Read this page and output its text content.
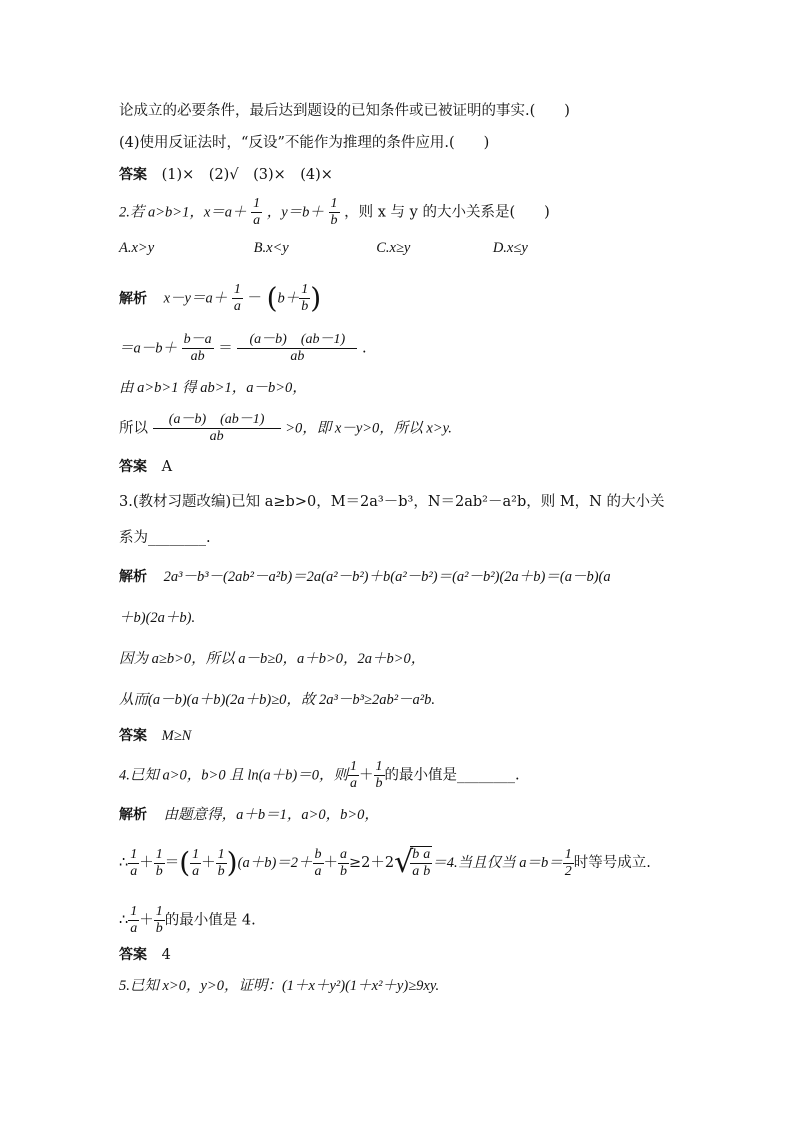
论成立的必要条件，最后达到题设的已知条件或已被证明的事实.(　　)
(4)使用反证法时，“反设”不能作为推理的条件应用.(　　)
答案 (1)×　(2)√　(3)×　(4)×
2.若 a>b>1，$x=a+ \frac{1}{a}$ ，$y=b+ \frac{1}{b}$ ，则 x 与 y 的大小关系是(　　)
A.x>y	B.x<y	C.x≥y	D.x≤y
解析 $x-y=a+ \frac{1}{a} - (b+ \frac{1}{b}$ )
$=a-b+ \frac{b-a}{ab} = \frac{(a-b) (ab-1)}{ab}$ .
由 a>b>1 得 ab>1，a－b>0，
所以 $\frac{(a-b) (ab-1)}{ab} >0$，即 x－y>0，所以 x>y.
答案 A
3.(教材习题改编)已知 a≥b>0，M＝2a³－b³，N＝2ab²－a²b，则 M，N 的大小关
系为________.
解析 2a³－b³－(2ab²－a²b)＝2a(a²－b²)＋b(a²－b²)＝(a²－b²)(2a＋b)＝(a－b)(a
＋b)(2a＋b).
因为 a≥b>0，所以 a－b≥0，a＋b>0，2a＋b>0，
从而(a－b)(a＋b)(2a＋b)≥0，故 2a³－b³≥2ab²－a²b.
答案 M≥N
4.已知 a>0，b>0 且 ln(a＋b)＝0，则 $\frac{1}{a} + \frac{1}{b}$ 的最小值是________.
解析 由题意得，a＋b＝1，a>0，b>0，
∴ $\frac{1}{a} + \frac{1}{b}$ ＝( $\frac{1}{a} + \frac{1}{b} )(a+b)=2+ \frac{b}{a} + \frac{a}{b} \ge 2+2√$
$\frac{b}{a} \frac{a}{b} =4$.当且仅当 $a=b= \frac{1}{2}$ 时等号成立.
∴ $\frac{1}{a} + \frac{1}{b}$ 的最小值是 4.
答案 4
5.已知 x>0，y>0，证明：(1＋x＋y²)(1＋x²＋y)≥9xy.
